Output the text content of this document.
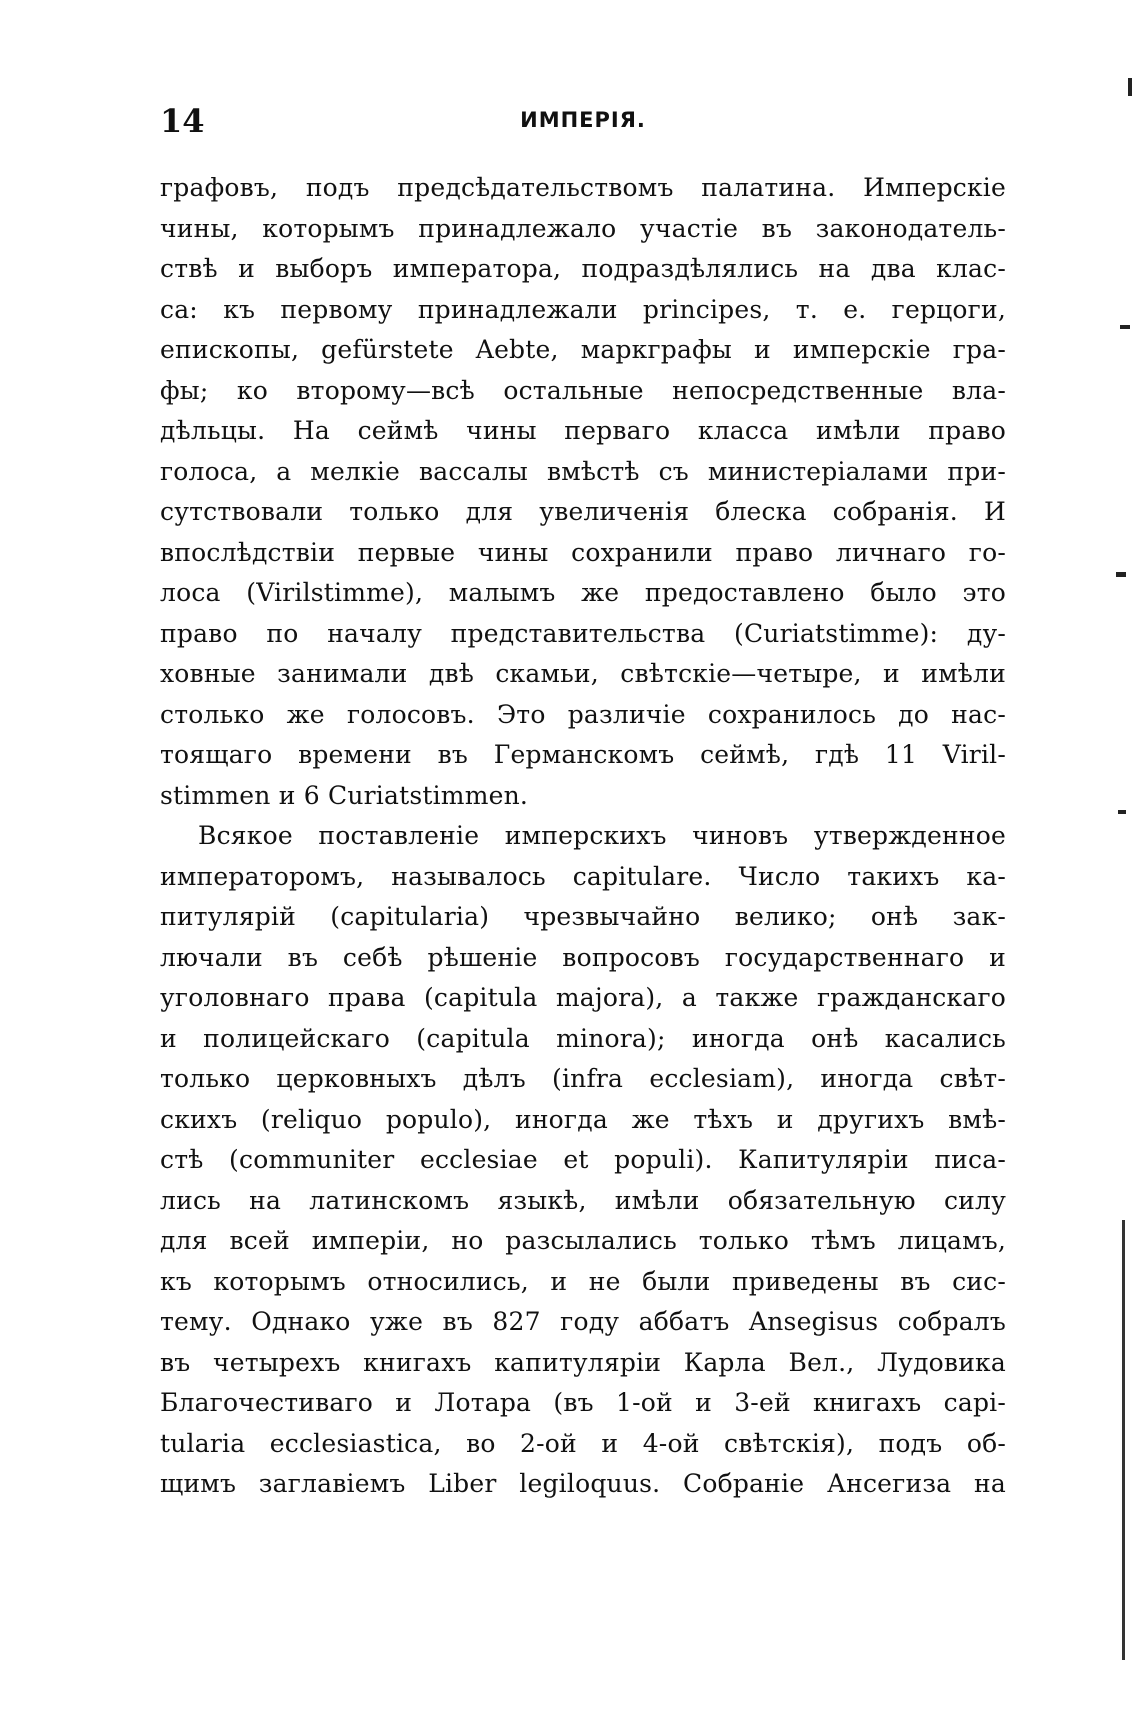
14	ИМПЕРІЯ.
графовъ, подъ предсѣдательствомъ палатина. Имперскіе
чины, которымъ принадлежало участіе въ законодатель-
ствѣ и выборъ императора, подраздѣлялись на два клас-
са: къ первому принадлежали principes, т. е. герцоги,
епископы, gefürstete Aebte, маркграфы и имперскіе гра-
фы; ко второму—всѣ остальные непосредственные вла-
дѣльцы. На сеймѣ чины перваго класса имѣли право
голоса, а мелкіе вассалы вмѣстѣ съ министеріалами при-
сутствовали только для увеличенія блеска собранія. И
впослѣдствіи первые чины сохранили право личнаго го-
лоса (Virilstimme), малымъ же предоставлено было это
право по началу представительства (Curiatstimme): ду-
ховные занимали двѣ скамьи, свѣтскіе—четыре, и имѣли
столько же голосовъ. Это различіе сохранилось до нас-
тоящаго времени въ Германскомъ сеймѣ, гдѣ 11 Viril-
stimmen и 6 Curiatstimmen.
Всякое поставленіе имперскихъ чиновъ утвержденное
императоромъ, называлось capitulare. Число такихъ ка-
питулярій (capitularia) чрезвычайно велико; онѣ зак-
лючали въ себѣ рѣшеніе вопросовъ государственнаго и
уголовнаго права (capitula majora), а также гражданскаго
и полицейскаго (capitula minora); иногда онѣ касались
только церковныхъ дѣлъ (infra ecclesiam), иногда свѣт-
скихъ (reliquo populo), иногда же тѣхъ и другихъ вмѣ-
стѣ (communiter ecclesiae et populi). Капитуляріи писа-
лись на латинскомъ языкѣ, имѣли обязательную силу
для всей имперіи, но разсылались только тѣмъ лицамъ,
къ которымъ относились, и не были приведены въ сис-
тему. Однако уже въ 827 году аббатъ Ansegisus собралъ
въ четырехъ книгахъ капитуляріи Карла Вел., Лудовика
Благочестиваго и Лотара (въ 1-ой и 3-ей книгахъ capi-
tularia ecclesiastica, во 2-ой и 4-ой свѣтскія), подъ об-
щимъ заглавіемъ Liber legiloquus. Собраніе Ансегиза на
